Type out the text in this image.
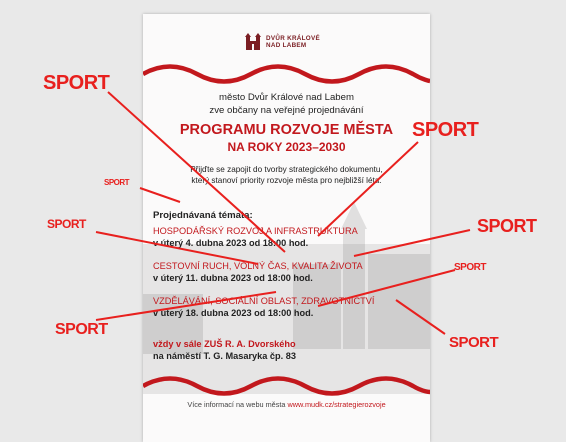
DVŮR KRÁLOVÉ
NAD LABEM
město Dvůr Králové nad Labem
zve občany na veřejné projednávání
PROGRAMU ROZVOJE MĚSTA
NA ROKY 2023–2030
Přijďte se zapojit do tvorby strategického dokumentu,
který stanoví priority rozvoje města pro nejbližší léta.
Projednávaná témata:
HOSPODÁŘSKÝ ROZVOJ A INFRASTRUKTURA
v úterý 4. dubna 2023 od 18:00 hod.
CESTOVNÍ RUCH, VOLNÝ ČAS, KVALITA ŽIVOTA
v úterý 11. dubna 2023 od 18:00 hod.
VZDĚLÁVÁNÍ, SOCIÁLNÍ OBLAST, ZDRAVOTNICTVÍ
v úterý 18. dubna 2023 od 18:00 hod.
vždy v sále ZUŠ R. A. Dvorského
na náměstí T. G. Masaryka čp. 83
Více informací na webu města www.mudk.cz/strategierozvoje
SPORT
SPORT
SPORT
SPORT	SPORT
SPORT
SPORT
SPORT
